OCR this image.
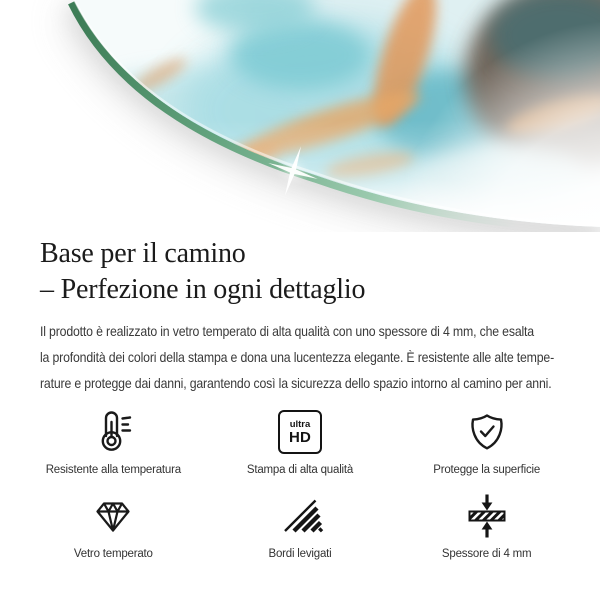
Base per il camino
– Perfezione in ogni dettaglio

Il prodotto è realizzato in vetro temperato di alta qualità con uno spessore di 4 mm, che esalta
la profondità dei colori della stampa e dona una lucentezza elegante. È resistente alle alte tempe-
rature e protegge dai danni, garantendo così la sicurezza dello spazio intorno al camino per anni.

Resistente alla temperatura
ultra
HD
Stampa di alta qualità	Protegge la superficie
Vetro temperato	Bordi levigati	Spessore di 4 mm
